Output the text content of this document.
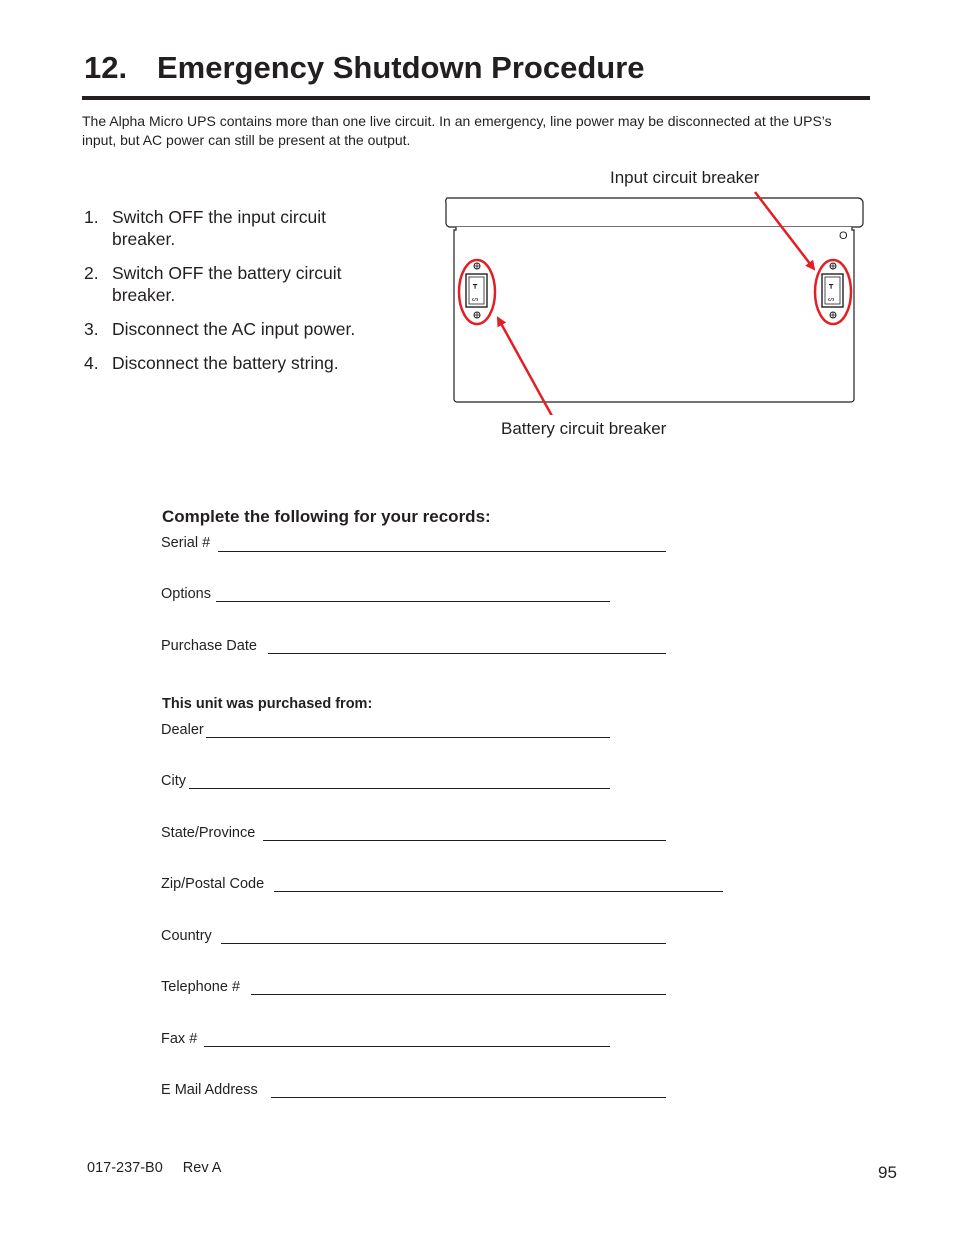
12. Emergency Shutdown Procedure
The Alpha Micro UPS contains more than one live circuit. In an emergency, line power may be disconnected at the UPS’s input, but AC power can still be present at the output.
1. Switch OFF the input circuit breaker.
2. Switch OFF the battery circuit breaker.
3. Disconnect the AC input power.
4. Disconnect the battery string.
Input circuit breaker
Battery circuit breaker
O
┳
ᔕ
┳
ᔕ
Complete the following for your records:
Serial #
Options
Purchase Date
This unit was purchased from:
Dealer
City
State/Province
Zip/Postal Code
Country
Telephone #
Fax #
E Mail Address
017-237-B0 Rev A	95
